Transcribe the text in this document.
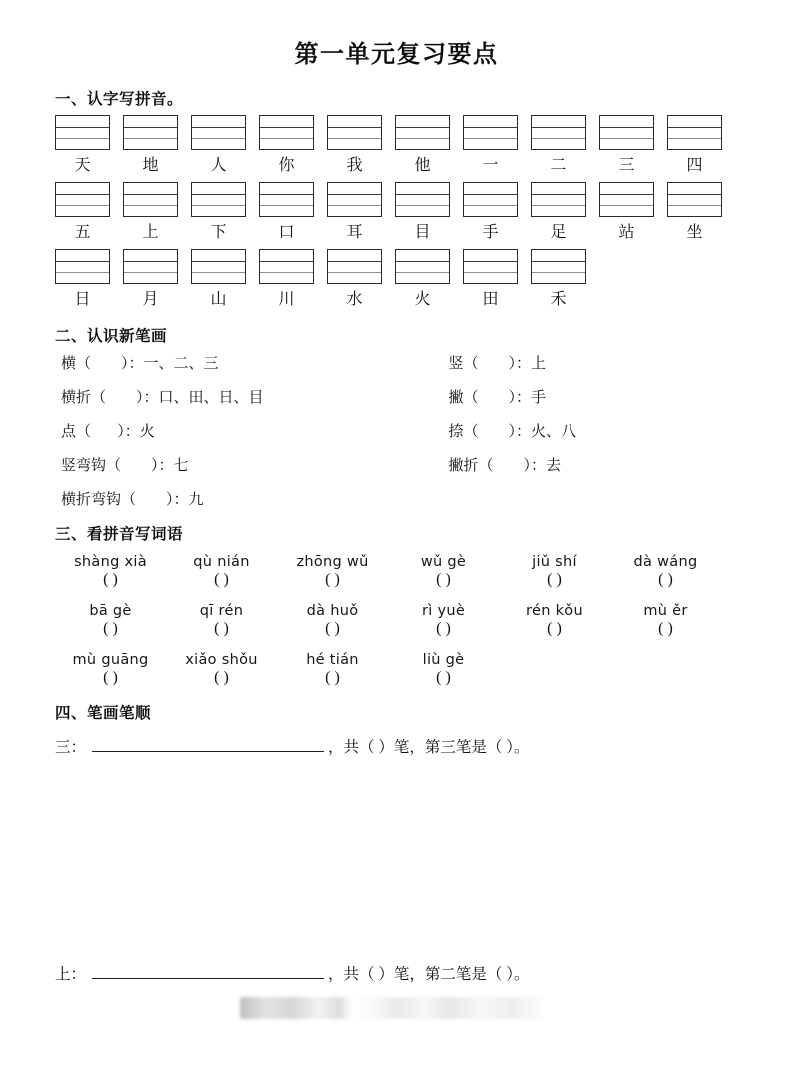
第一单元复习要点
一、认字写拼音。
天	地	人	你	我	他	一	二	三	四
五	上	下	口	耳	目	手	足	站	坐
日	月	山	川	水	火	田	禾
二、认识新笔画
横 （        ）： 一、二、三	竖 （        ）： 上
横折 （        ）： 口、田、日、目	撇 （        ）： 手
点 （       ）： 火	捺 （        ）： 火、八
竖弯钩 （        ）： 七	撇折 （        ）： 去
横折弯钩 （        ）： 九
三、看拼音写词语
shàng xià	qù nián	zhōng wǔ	wǔ gè	jiǔ shí	dà wáng
( )	( )	( )	( )	( )	( )
bā gè	qī rén	dà huǒ	rì yuè	rén kǒu	mù ěr
( )	( )	( )	( )	( )	( )
mù guāng	xiǎo shǒu	hé tián	liù gè
( )	( )	( )	( )
四、笔画笔顺
三：	，共（ ）笔，第三笔是（ ）。
上：	，共（ ）笔，第二笔是（ ）。
